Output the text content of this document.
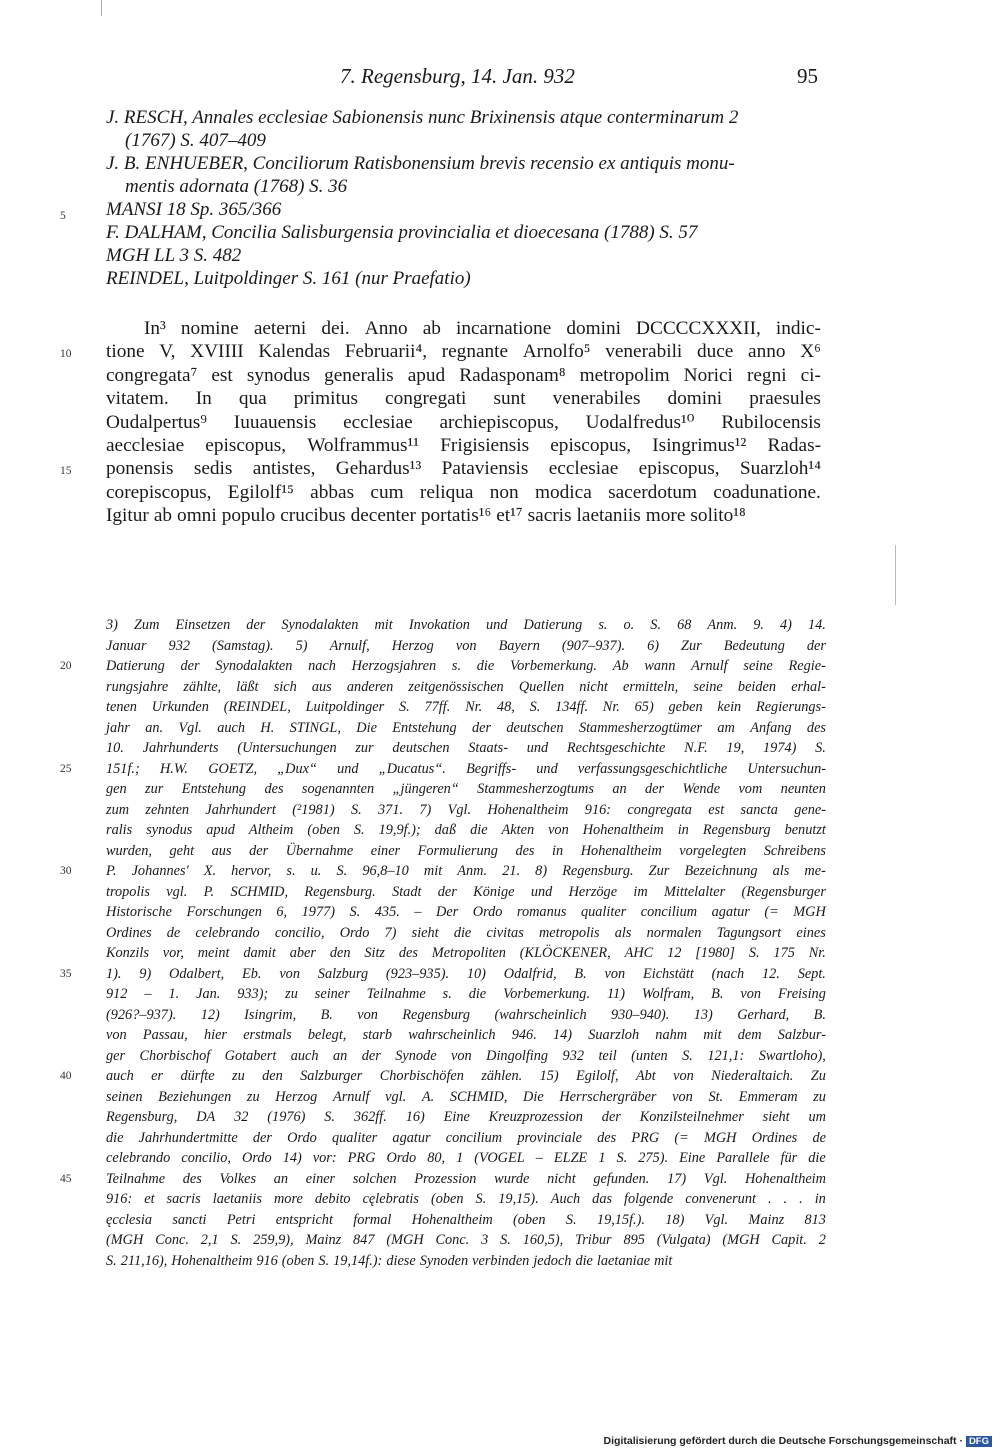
7. Regensburg, 14. Jan. 932	95
J. RESCH, Annales ecclesiae Sabionensis nunc Brixinensis atque conterminarum 2
(1767) S. 407–409
J. B. ENHUEBER, Conciliorum Ratisbonensium brevis recensio ex antiquis monu-
mentis adornata (1768) S. 36
MANSI 18 Sp. 365/366
F. DALHAM, Concilia Salisburgensia provincialia et dioecesana (1788) S. 57
MGH LL 3 S. 482
REINDEL, Luitpoldinger S. 161 (nur Praefatio)
In³ nomine aeterni dei. Anno ab incarnatione domini DCCCCXXXII, indic-
tione V, XVIIII Kalendas Februarii⁴, regnante Arnolfo⁵ venerabili duce anno X⁶
congregata⁷ est synodus generalis apud Radasponam⁸ metropolim Norici regni ci-
vitatem. In qua primitus congregati sunt venerabiles domini praesules
Oudalpertus⁹ Iuuauensis ecclesiae archiepiscopus, Uodalfredus¹⁰ Rubilocensis
aecclesiae episcopus, Wolframmus¹¹ Frigisiensis episcopus, Isingrimus¹² Radas-
ponensis sedis antistes, Gehardus¹³ Pataviensis ecclesiae episcopus, Suarzloh¹⁴
corepiscopus, Egilolf¹⁵ abbas cum reliqua non modica sacerdotum coadunatione.
Igitur ab omni populo crucibus decenter portatis¹⁶ et¹⁷ sacris laetaniis more solito¹⁸
3) Zum Einsetzen der Synodalakten mit Invokation und Datierung s. o. S. 68 Anm. 9. 4) 14.
Januar 932 (Samstag). 5) Arnulf, Herzog von Bayern (907–937). 6) Zur Bedeutung der
Datierung der Synodalakten nach Herzogsjahren s. die Vorbemerkung. Ab wann Arnulf seine Regie-
rungsjahre zählte, läßt sich aus anderen zeitgenössischen Quellen nicht ermitteln, seine beiden erhal-
tenen Urkunden (REINDEL, Luitpoldinger S. 77ff. Nr. 48, S. 134ff. Nr. 65) geben kein Regierungs-
jahr an. Vgl. auch H. STINGL, Die Entstehung der deutschen Stammesherzogtümer am Anfang des
10. Jahrhunderts (Untersuchungen zur deutschen Staats- und Rechtsgeschichte N.F. 19, 1974) S.
151f.; H.W. GOETZ, „Dux“ und „Ducatus“. Begriffs- und verfassungsgeschichtliche Untersuchun-
gen zur Entstehung des sogenannten „jüngeren“ Stammesherzogtums an der Wende vom neunten
zum zehnten Jahrhundert (²1981) S. 371. 7) Vgl. Hohenaltheim 916: congregata est sancta gene-
ralis synodus apud Altheim (oben S. 19,9f.); daß die Akten von Hohenaltheim in Regensburg benutzt
wurden, geht aus der Übernahme einer Formulierung des in Hohenaltheim vorgelegten Schreibens
P. Johannes' X. hervor, s. u. S. 96,8–10 mit Anm. 21. 8) Regensburg. Zur Bezeichnung als me-
tropolis vgl. P. SCHMID, Regensburg. Stadt der Könige und Herzöge im Mittelalter (Regensburger
Historische Forschungen 6, 1977) S. 435. – Der Ordo romanus qualiter concilium agatur (= MGH
Ordines de celebrando concilio, Ordo 7) sieht die civitas metropolis als normalen Tagungsort eines
Konzils vor, meint damit aber den Sitz des Metropoliten (KLÖCKENER, AHC 12 [1980] S. 175 Nr.
1). 9) Odalbert, Eb. von Salzburg (923–935). 10) Odalfrid, B. von Eichstätt (nach 12. Sept.
912 – 1. Jan. 933); zu seiner Teilnahme s. die Vorbemerkung. 11) Wolfram, B. von Freising
(926?–937). 12) Isingrim, B. von Regensburg (wahrscheinlich 930–940). 13) Gerhard, B.
von Passau, hier erstmals belegt, starb wahrscheinlich 946. 14) Suarzloh nahm mit dem Salzbur-
ger Chorbischof Gotabert auch an der Synode von Dingolfing 932 teil (unten S. 121,1: Swartloho),
auch er dürfte zu den Salzburger Chorbischöfen zählen. 15) Egilolf, Abt von Niederaltaich. Zu
seinen Beziehungen zu Herzog Arnulf vgl. A. SCHMID, Die Herrschergräber von St. Emmeram zu
Regensburg, DA 32 (1976) S. 362ff. 16) Eine Kreuzprozession der Konzilsteilnehmer sieht um
die Jahrhundertmitte der Ordo qualiter agatur concilium provinciale des PRG (= MGH Ordines de
celebrando concilio, Ordo 14) vor: PRG Ordo 80, 1 (VOGEL – ELZE 1 S. 275). Eine Parallele für die
Teilnahme des Volkes an einer solchen Prozession wurde nicht gefunden. 17) Vgl. Hohenaltheim
916: et sacris laetaniis more debito cęlebratis (oben S. 19,15). Auch das folgende convenerunt . . . in
ęcclesia sancti Petri entspricht formal Hohenaltheim (oben S. 19,15f.). 18) Vgl. Mainz 813
(MGH Conc. 2,1 S. 259,9), Mainz 847 (MGH Conc. 3 S. 160,5), Tribur 895 (Vulgata) (MGH Capit. 2
S. 211,16), Hohenaltheim 916 (oben S. 19,14f.): diese Synoden verbinden jedoch die laetaniae mit
5
10
15
20
25
30
35
40
45
Digitalisierung gefördert durch die Deutsche Forschungsgemeinschaft · DFG
